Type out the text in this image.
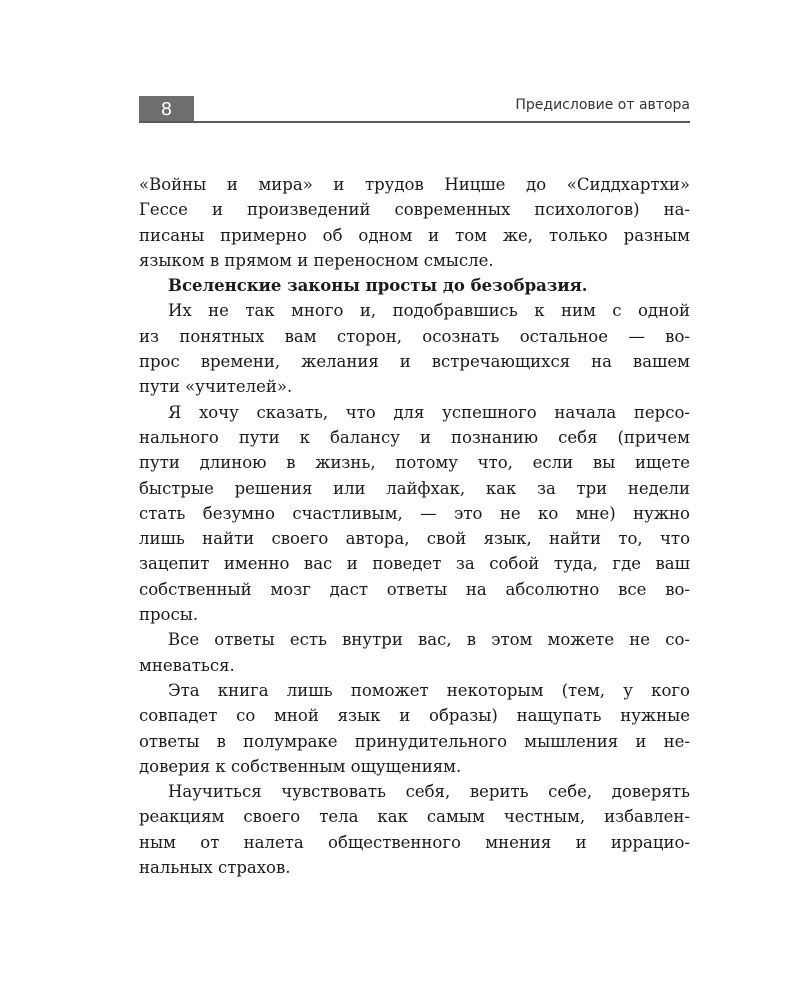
8	Предисловие от автора
«Войны и мира» и трудов Ницше до «Сиддхартхи»
Гессе и произведений современных психологов) на-
писаны примерно об одном и том же, только разным
языком в прямом и переносном смысле.
Вселенские законы просты до безобразия.
Их не так много и, подобравшись к ним с одной
из понятных вам сторон, осознать остальное — во-
прос времени, желания и встречающихся на вашем
пути «учителей».
Я хочу сказать, что для успешного начала персо-
нального пути к балансу и познанию себя (причем
пути длиною в жизнь, потому что, если вы ищете
быстрые решения или лайфхак, как за три недели
стать безумно счастливым, — это не ко мне) нужно
лишь найти своего автора, свой язык, найти то, что
зацепит именно вас и поведет за собой туда, где ваш
собственный мозг даст ответы на абсолютно все во-
просы.
Все ответы есть внутри вас, в этом можете не со-
мневаться.
Эта книга лишь поможет некоторым (тем, у кого
совпадет со мной язык и образы) нащупать нужные
ответы в полумраке принудительного мышления и не-
доверия к собственным ощущениям.
Научиться чувствовать себя, верить себе, доверять
реакциям своего тела как самым честным, избавлен-
ным от налета общественного мнения и иррацио-
нальных страхов.
